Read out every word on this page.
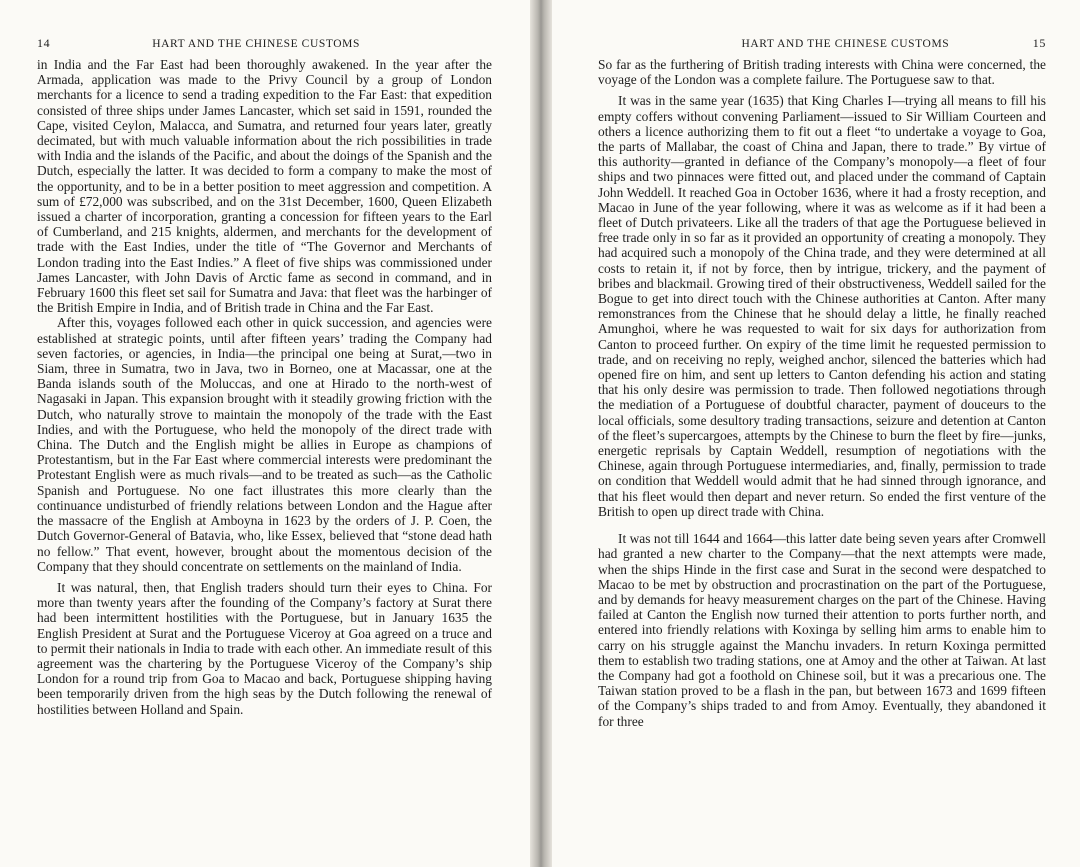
14	HART AND THE CHINESE CUSTOMS

in India and the Far East had been thoroughly awakened. In the year after the Armada, application was made to the Privy Council by a group of London merchants for a licence to send a trading expedition to the Far East: that expedition consisted of three ships under James Lancaster, which set said in 1591, rounded the Cape, visited Ceylon, Malacca, and Sumatra, and returned four years later, greatly decimated, but with much valuable information about the rich possibilities in trade with India and the islands of the Pacific, and about the doings of the Spanish and the Dutch, especially the latter. It was decided to form a company to make the most of the opportunity, and to be in a better position to meet aggression and competition. A sum of £72,000 was subscribed, and on the 31st December, 1600, Queen Elizabeth issued a charter of incorporation, granting a concession for fifteen years to the Earl of Cumberland, and 215 knights, aldermen, and merchants for the development of trade with the East Indies, under the title of “The Governor and Merchants of London trading into the East Indies.” A fleet of five ships was commissioned under James Lancaster, with John Davis of Arctic fame as second in command, and in February 1600 this fleet set sail for Sumatra and Java: that fleet was the harbinger of the British Empire in India, and of British trade in China and the Far East.

After this, voyages followed each other in quick succession, and agencies were established at strategic points, until after fifteen years’ trading the Company had seven factories, or agencies, in India—the principal one being at Surat,—two in Siam, three in Sumatra, two in Java, two in Borneo, one at Macassar, one at the Banda islands south of the Moluccas, and one at Hirado to the north-west of Nagasaki in Japan. This expansion brought with it steadily growing friction with the Dutch, who naturally strove to maintain the monopoly of the trade with the East Indies, and with the Portuguese, who held the monopoly of the direct trade with China. The Dutch and the English might be allies in Europe as champions of Protestantism, but in the Far East where commercial interests were predominant the Protestant English were as much rivals—and to be treated as such—as the Catholic Spanish and Portuguese. No one fact illustrates this more clearly than the continuance undisturbed of friendly relations between London and the Hague after the massacre of the English at Amboyna in 1623 by the orders of J. P. Coen, the Dutch Governor-General of Batavia, who, like Essex, believed that “stone dead hath no fellow.” That event, however, brought about the momentous decision of the Company that they should concentrate on settlements on the mainland of India.

It was natural, then, that English traders should turn their eyes to China. For more than twenty years after the founding of the Company’s factory at Surat there had been intermittent hostilities with the Portuguese, but in January 1635 the English President at Surat and the Portuguese Viceroy at Goa agreed on a truce and to permit their nationals in India to trade with each other. An immediate result of this agreement was the chartering by the Portuguese Viceroy of the Company’s ship London for a round trip from Goa to Macao and back, Portuguese shipping having been temporarily driven from the high seas by the Dutch following the renewal of hostilities between Holland and Spain.

HART AND THE CHINESE CUSTOMS	15

So far as the furthering of British trading interests with China were concerned, the voyage of the London was a complete failure. The Portuguese saw to that.

It was in the same year (1635) that King Charles I—trying all means to fill his empty coffers without convening Parliament—issued to Sir William Courteen and others a licence authorizing them to fit out a fleet “to undertake a voyage to Goa, the parts of Mallabar, the coast of China and Japan, there to trade.” By virtue of this authority—granted in defiance of the Company’s monopoly—a fleet of four ships and two pinnaces were fitted out, and placed under the command of Captain John Weddell. It reached Goa in October 1636, where it had a frosty reception, and Macao in June of the year following, where it was as welcome as if it had been a fleet of Dutch privateers. Like all the traders of that age the Portuguese believed in free trade only in so far as it provided an opportunity of creating a monopoly. They had acquired such a monopoly of the China trade, and they were determined at all costs to retain it, if not by force, then by intrigue, trickery, and the payment of bribes and blackmail. Growing tired of their obstructiveness, Weddell sailed for the Bogue to get into direct touch with the Chinese authorities at Canton. After many remonstrances from the Chinese that he should delay a little, he finally reached Amunghoi, where he was requested to wait for six days for authorization from Canton to proceed further. On expiry of the time limit he requested permission to trade, and on receiving no reply, weighed anchor, silenced the batteries which had opened fire on him, and sent up letters to Canton defending his action and stating that his only desire was permission to trade. Then followed negotiations through the mediation of a Portuguese of doubtful character, payment of douceurs to the local officials, some desultory trading transactions, seizure and detention at Canton of the fleet’s supercargoes, attempts by the Chinese to burn the fleet by fire—junks, energetic reprisals by Captain Weddell, resumption of negotiations with the Chinese, again through Portuguese intermediaries, and, finally, permission to trade on condition that Weddell would admit that he had sinned through ignorance, and that his fleet would then depart and never return. So ended the first venture of the British to open up direct trade with China.

It was not till 1644 and 1664—this latter date being seven years after Cromwell had granted a new charter to the Company—that the next attempts were made, when the ships Hinde in the first case and Surat in the second were despatched to Macao to be met by obstruction and procrastination on the part of the Portuguese, and by demands for heavy measurement charges on the part of the Chinese. Having failed at Canton the English now turned their attention to ports further north, and entered into friendly relations with Koxinga by selling him arms to enable him to carry on his struggle against the Manchu invaders. In return Koxinga permitted them to establish two trading stations, one at Amoy and the other at Taiwan. At last the Company had got a foothold on Chinese soil, but it was a precarious one. The Taiwan station proved to be a flash in the pan, but between 1673 and 1699 fifteen of the Company’s ships traded to and from Amoy. Eventually, they abandoned it for three
